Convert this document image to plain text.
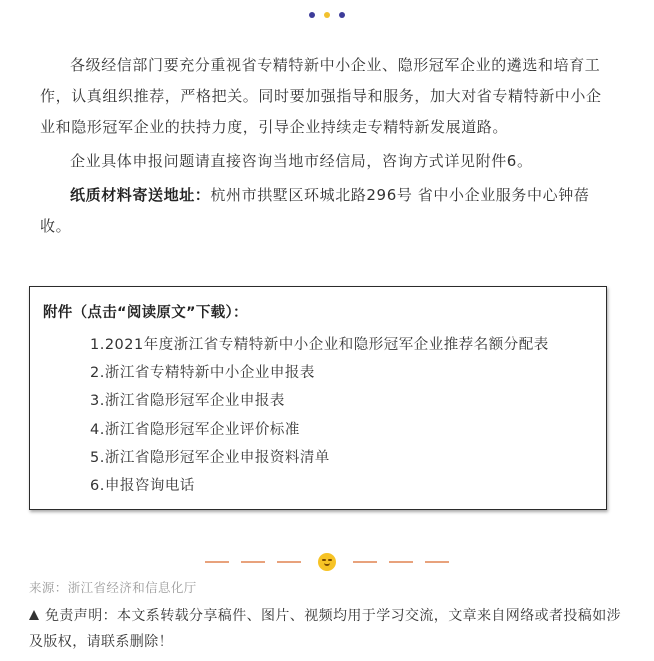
各级经信部门要充分重视省专精特新中小企业、隐形冠军企业的遴选和培育工作，认真组织推荐，严格把关。同时要加强指导和服务，加大对省专精特新中小企业和隐形冠军企业的扶持力度，引导企业持续走专精特新发展道路。

企业具体申报问题请直接咨询当地市经信局，咨询方式详见附件6。

纸质材料寄送地址：杭州市拱墅区环城北路296号 省中小企业服务中心钟蓓收。

附件（点击“阅读原文”下载）：
1.2021年度浙江省专精特新中小企业和隐形冠军企业推荐名额分配表
2.浙江省专精特新中小企业申报表
3.浙江省隐形冠军企业申报表
4.浙江省隐形冠军企业评价标准
5.浙江省隐形冠军企业申报资料清单
6.申报咨询电话
来源：浙江省经济和信息化厅
免责声明：本文系转载分享稿件、图片、视频均用于学习交流，文章来自网络或者投稿如涉及版权，请联系删除！
